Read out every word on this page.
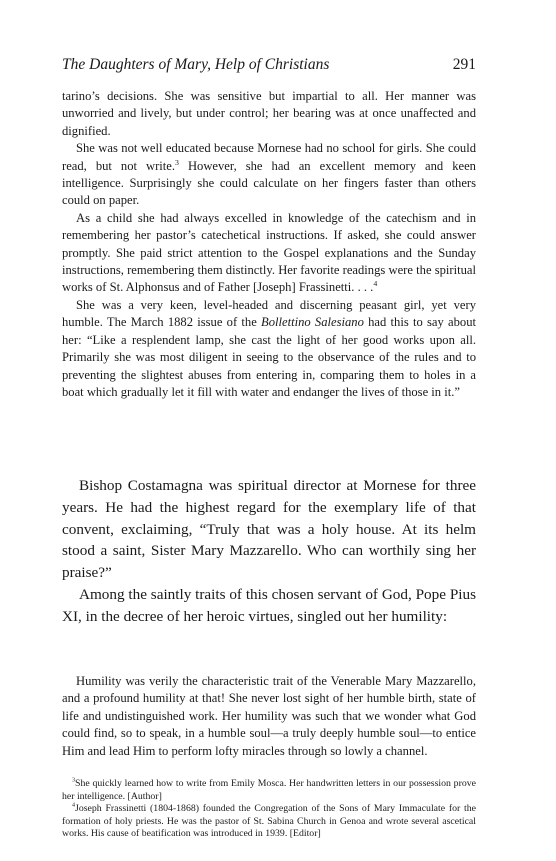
The Daughters of Mary, Help of Christians	291

tarino’s decisions. She was sensitive but impartial to all. Her manner was unworried and lively, but under control; her bearing was at once unaffected and dignified.

She was not well educated because Mornese had no school for girls. She could read, but not write.$^3$ However, she had an excellent memory and keen intelligence. Surprisingly she could calculate on her fingers faster than others could on paper.

As a child she had always excelled in knowledge of the catechism and in remembering her pastor’s catechetical instructions. If asked, she could answer promptly. She paid strict attention to the Gospel explanations and the Sunday instructions, remembering them distinctly. Her favorite readings were the spiritual works of St. Alphonsus and of Father [Joseph] Frassinetti. . . .$^4$

She was a very keen, level-headed and discerning peasant girl, yet very humble. The March 1882 issue of the Bollettino Salesiano had this to say about her: “Like a resplendent lamp, she cast the light of her good works upon all. Primarily she was most diligent in seeing to the observance of the rules and to preventing the slightest abuses from entering in, comparing them to holes in a boat which gradually let it fill with water and endanger the lives of those in it.”

Bishop Costamagna was spiritual director at Mornese for three years. He had the highest regard for the exemplary life of that convent, exclaiming, “Truly that was a holy house. At its helm stood a saint, Sister Mary Mazzarello. Who can worthily sing her praise?”

Among the saintly traits of this chosen servant of God, Pope Pius XI, in the decree of her heroic virtues, singled out her humility:

Humility was verily the characteristic trait of the Venerable Mary Mazzarello, and a profound humility at that! She never lost sight of her humble birth, state of life and undistinguished work. Her humility was such that we wonder what God could find, so to speak, in a humble soul—a truly deeply humble soul—to entice Him and lead Him to perform lofty miracles through so lowly a channel.

$^3$She quickly learned how to write from Emily Mosca. Her handwritten letters in our possession prove her intelligence. [Author]

$^4$Joseph Frassinetti (1804-1868) founded the Congregation of the Sons of Mary Immaculate for the formation of holy priests. He was the pastor of St. Sabina Church in Genoa and wrote several ascetical works. His cause of beatification was introduced in 1939. [Editor]
